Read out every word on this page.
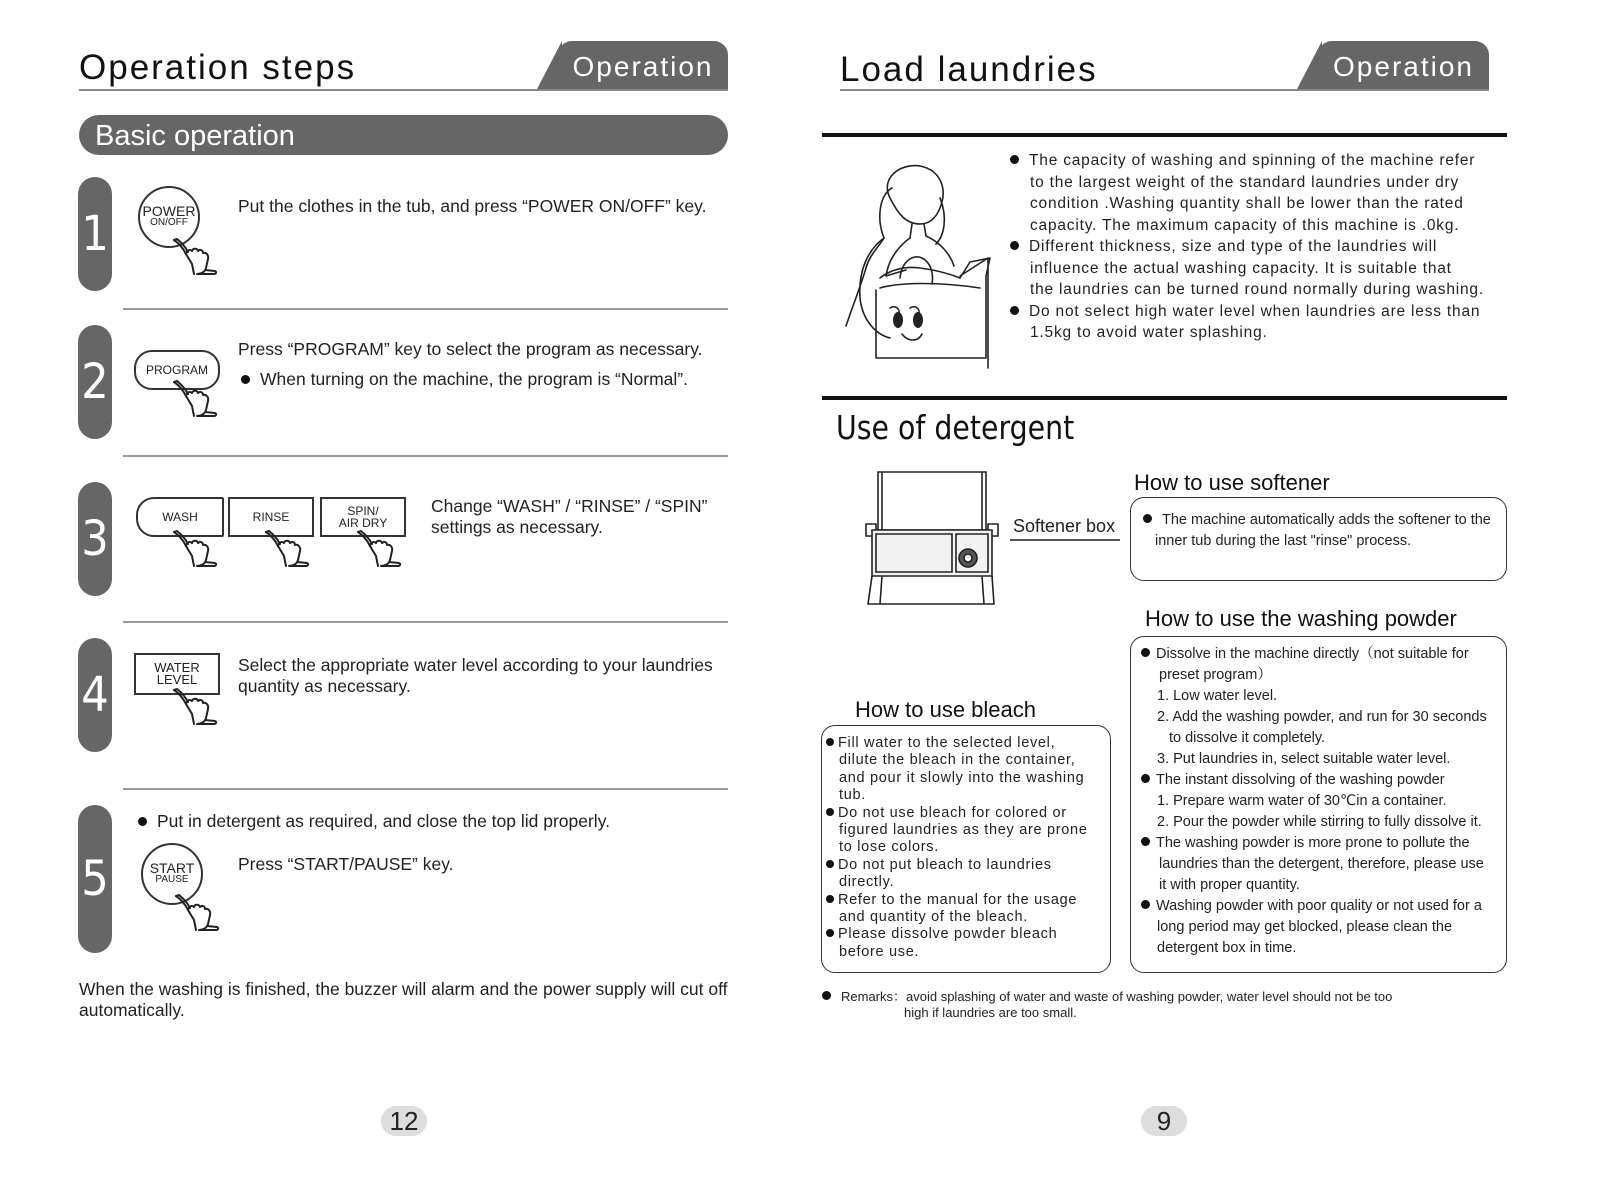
Operation steps	Operation
Basic operation
1 POWER
ON/OFF
Put the clothes in the tub, and press “POWER ON/OFF” key.
2	PROGRAM
Press “PROGRAM” key to select the program as necessary.
When turning on the machine, the program is “Normal”.
3	WASH	RINSE	SPIN/
AIR DRY
Change “WASH” / “RINSE” / “SPIN”
settings as necessary.
4	WATER
LEVEL
Select the appropriate water level according to your laundries
quantity as necessary.
5
Put in detergent as required, and close the top lid properly.
START
PAUSE
Press “START/PAUSE” key.
When the washing is finished, the buzzer will alarm and the power supply will cut off
automatically.
12
Load laundries	Operation
The capacity of washing and spinning of the machine refer
to the largest weight of the standard laundries under dry
condition .Washing quantity shall be lower than the rated
capacity. The maximum capacity of this machine is .0kg.
Different thickness, size and type of the laundries will
influence the actual washing capacity. It is suitable that
the laundries can be turned round normally during washing.
Do not select high water level when laundries are less than
1.5kg to avoid water splashing.
Use of detergent
Softener box
How to use softener
The machine automatically adds the softener to the
inner tub during the last "rinse" process.
How to use the washing powder
Dissolve in the machine directly（not suitable for
preset program）
1. Low water level.
2. Add the washing powder, and run for 30 seconds
to dissolve it completely.
3. Put laundries in, select suitable water level.
The instant dissolving of the washing powder
1. Prepare warm water of 30℃in a container.
2. Pour the powder while stirring to fully dissolve it.
The washing powder is more prone to pollute the
laundries than the detergent, therefore, please use
it with proper quantity.
Washing powder with poor quality or not used for a
long period may get blocked, please clean the
detergent box in time.
How to use bleach
Fill water to the selected level,
dilute the bleach in the container,
and pour it slowly into the washing
tub.
Do not use bleach for colored or
figured laundries as they are prone
to lose colors.
Do not put bleach to laundries
directly.
Refer to the manual for the usage
and quantity of the bleach.
Please dissolve powder bleach
before use.
Remarks：avoid splashing of water and waste of washing powder, water level should not be too
high if laundries are too small.
9
